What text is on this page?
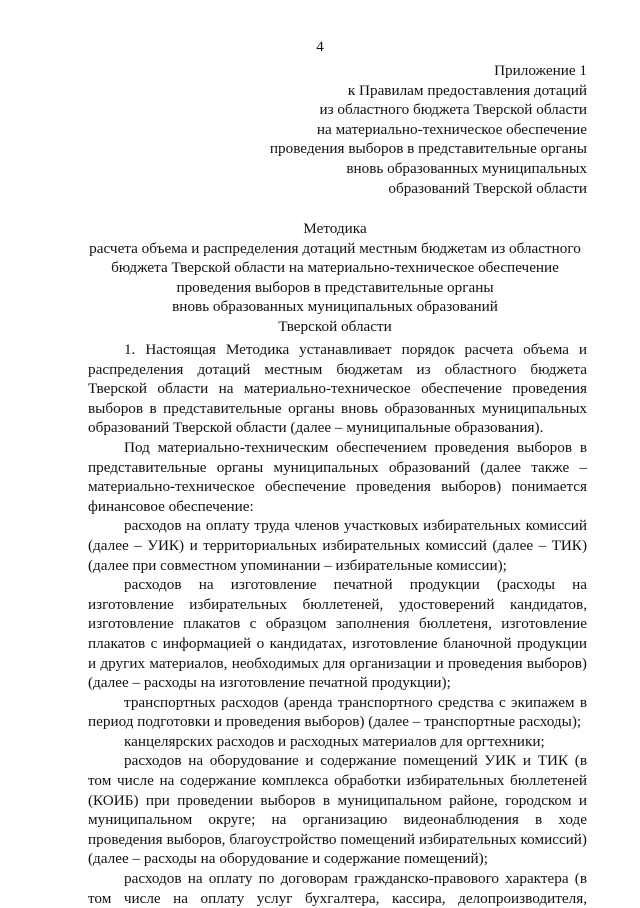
4
Приложение 1
к Правилам предоставления дотаций
из областного бюджета Тверской области
на материально-техническое обеспечение
проведения выборов в представительные органы
вновь образованных муниципальных
образований Тверской области
Методика
расчета объема и распределения дотаций местным бюджетам из областного
бюджета Тверской области на материально-техническое обеспечение
проведения выборов в представительные органы
вновь образованных муниципальных образований
Тверской области

1. Настоящая Методика устанавливает порядок расчета объема и распределения дотаций местным бюджетам из областного бюджета Тверской области на материально-техническое обеспечение проведения выборов в представительные органы вновь образованных муниципальных образований Тверской области (далее – муниципальные образования).

Под материально-техническим обеспечением проведения выборов в представительные органы муниципальных образований (далее также – материально-техническое обеспечение проведения выборов) понимается финансовое обеспечение:

расходов на оплату труда членов участковых избирательных комиссий (далее – УИК) и территориальных избирательных комиссий (далее – ТИК) (далее при совместном упоминании – избирательные комиссии);

расходов на изготовление печатной продукции (расходы на изготовление избирательных бюллетеней, удостоверений кандидатов, изготовление плакатов с образцом заполнения бюллетеня, изготовление плакатов с информацией о кандидатах, изготовление бланочной продукции и других материалов, необходимых для организации и проведения выборов) (далее – расходы на изготовление печатной продукции);

транспортных расходов (аренда транспортного средства с экипажем в период подготовки и проведения выборов) (далее – транспортные расходы);

канцелярских расходов и расходных материалов для оргтехники;

расходов на оборудование и содержание помещений УИК и ТИК (в том числе на содержание комплекса обработки избирательных бюллетеней (КОИБ) при проведении выборов в муниципальном районе, городском и муниципальном округе; на организацию видеонаблюдения в ходе проведения выборов, благоустройство помещений избирательных комиссий) (далее – расходы на оборудование и содержание помещений);

расходов на оплату по договорам гражданско-правового характера (в том числе на оплату услуг бухгалтера, кассира, делопроизводителя,
